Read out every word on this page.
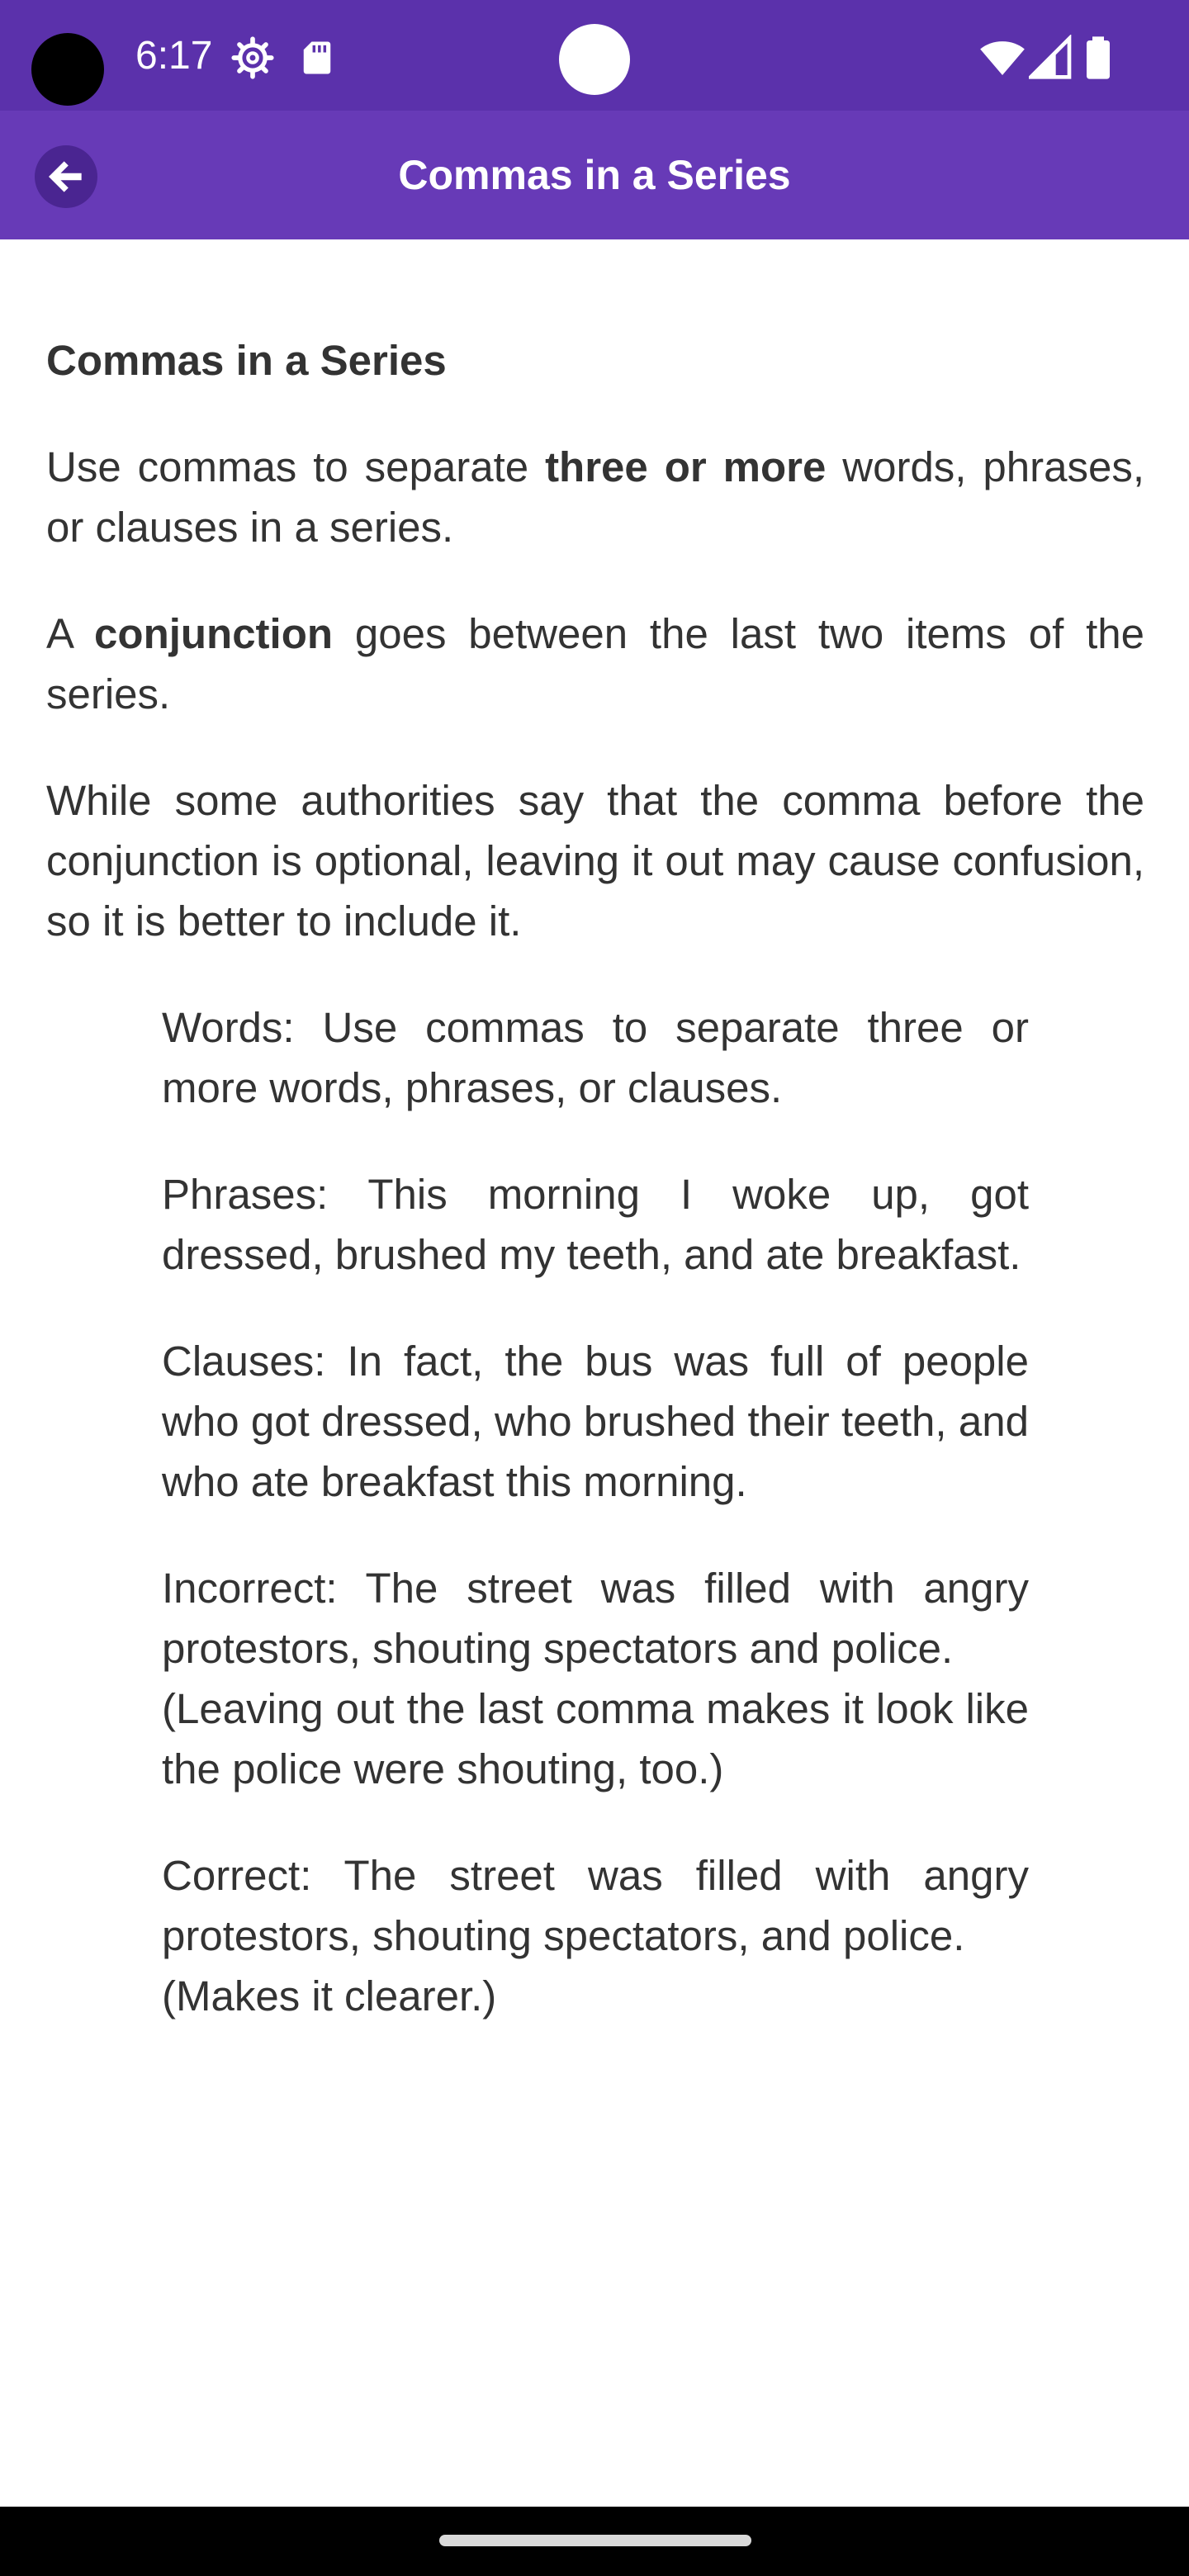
6:17
Commas in a Series
Commas in a Series

Use commas to separate three or more words, phrases, or clauses in a series.

A conjunction goes between the last two items of the series.

While some authorities say that the comma before the conjunction is optional, leaving it out may cause confusion, so it is better to include it.

Words: Use commas to separate three or more words, phrases, or clauses.

Phrases: This morning I woke up, got dressed, brushed my teeth, and ate breakfast.

Clauses: In fact, the bus was full of people who got dressed, who brushed their teeth, and who ate breakfast this morning.

Incorrect: The street was filled with angry protestors, shouting spectators and police.
(Leaving out the last comma makes it look like the police were shouting, too.)

Correct: The street was filled with angry protestors, shouting spectators, and police.
(Makes it clearer.)
